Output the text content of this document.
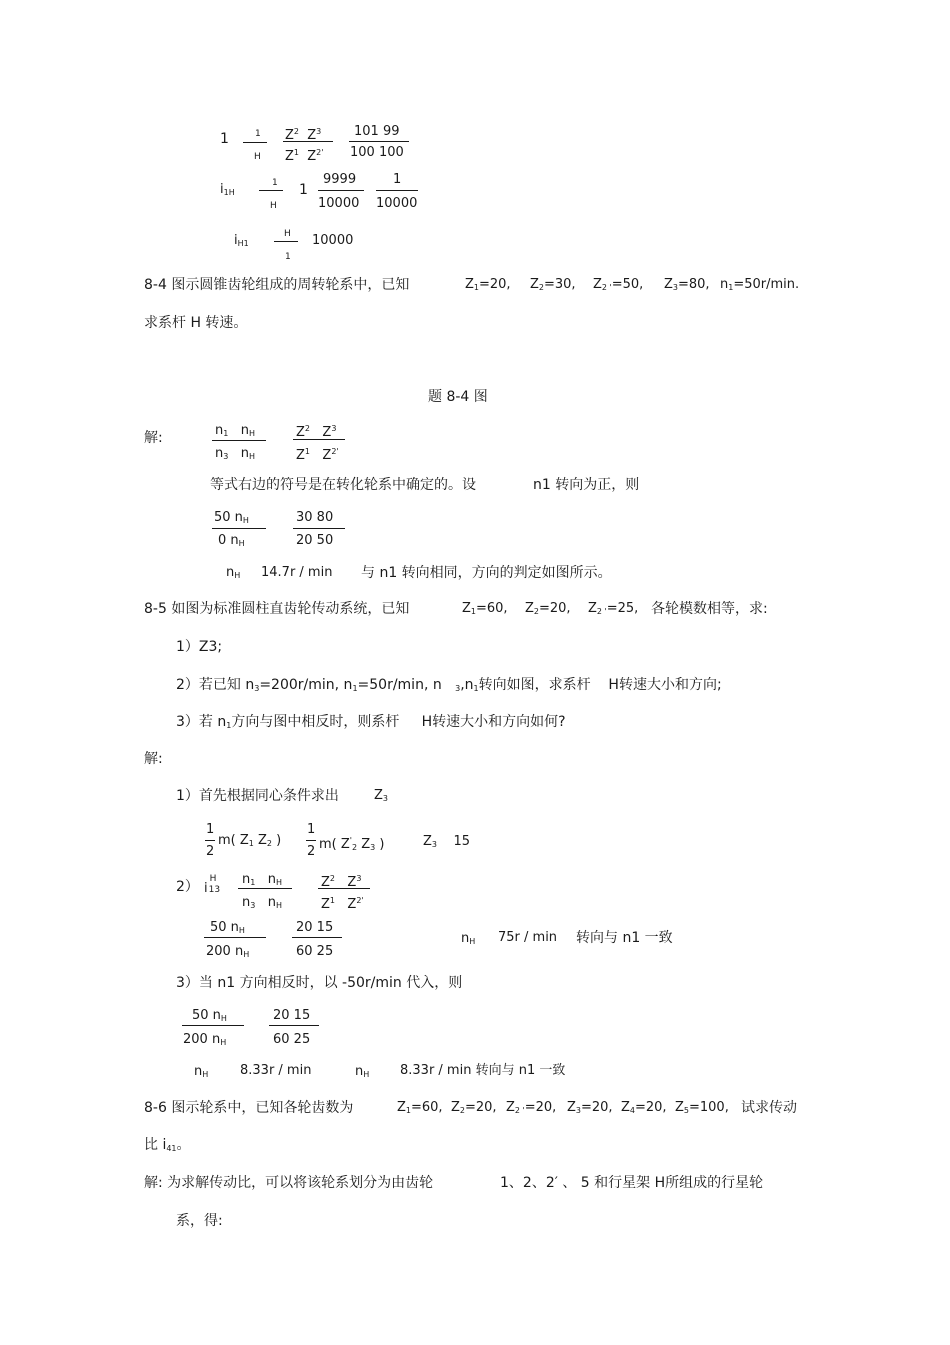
1	1
H
$Z^2$ $Z^3$
$Z^1$ $Z^{2'}$
101 99
100 100
$i_{1H}$
1
H
1
9999
10000
1
10000
$i_{H1}$
H
1
10000
8-4 图示圆锥齿轮组成的周转轮系中，已知	$Z_1=20$, $Z_2=30$, $Z_{2 '}=50$, $Z_3=80$, $n_1=50r/\min$.
求系杆 H 转速。
题 8-4 图
解:	$n_1$ $n_H$
$n_3$ $n_H$
$Z^2$ $Z^3$
$Z^1$ $Z^{2'}$
等式右边的符号是在转化轮系中确定的。设	n1 转向为正，则
50 $n_H$
0 $n_H$
30 80
20 50
$n_H$ 14.7r / min 与 n1 转向相同，方向的判定如图所示。
8-5 如图为标准圆柱直齿轮传动系统，已知	$Z_1=60$, $Z_2=20$, $Z_{2 '}=25$, 各轮模数相等，求:
1）Z3;
2）若已知 $n_3=200r/\min$, $n_1=50r/\min$, n $_3,n_1$转向如图，求系杆 H转速大小和方向;
3）若 $n_1$方向与图中相反时，则系杆 H转速大小和方向如何?
解:
1）首先根据同心条件求出	$Z_3$
1
2
m( $Z_1$ $Z_2$ )
1
2 m( $Z'_2$ $Z_3$ )	$Z_3$ 15
2） i
H
13
$n_1$ $n_H$
$n_3$ $n_H$
$Z^2$ $Z^3$
$Z^1$ $Z^{2'}$
50 $n_H$
200 $n_H$
20 15
60 25
$n_H$ 75r / min 转向与 n1 一致
3）当 n1 方向相反时，以 -50r/min 代入，则
50 $n_H$
200 $n_H$
20 15
60 25
$n_H$ 8.33r / min	$n_H$ 8.33r / min 转向与 n1 一致
8-6 图示轮系中，已知各轮齿数为	$Z_1=60$, $Z_2=20$, $Z_{2 '}=20$, $Z_3=20$, $Z_4=20$, $Z_5=100$, 试求传动
比 $i_{41}$。
解: 为求解传动比，可以将该轮系划分为由齿轮	1、2、2′ 、 5 和行星架 H所组成的行星轮
系，得:
